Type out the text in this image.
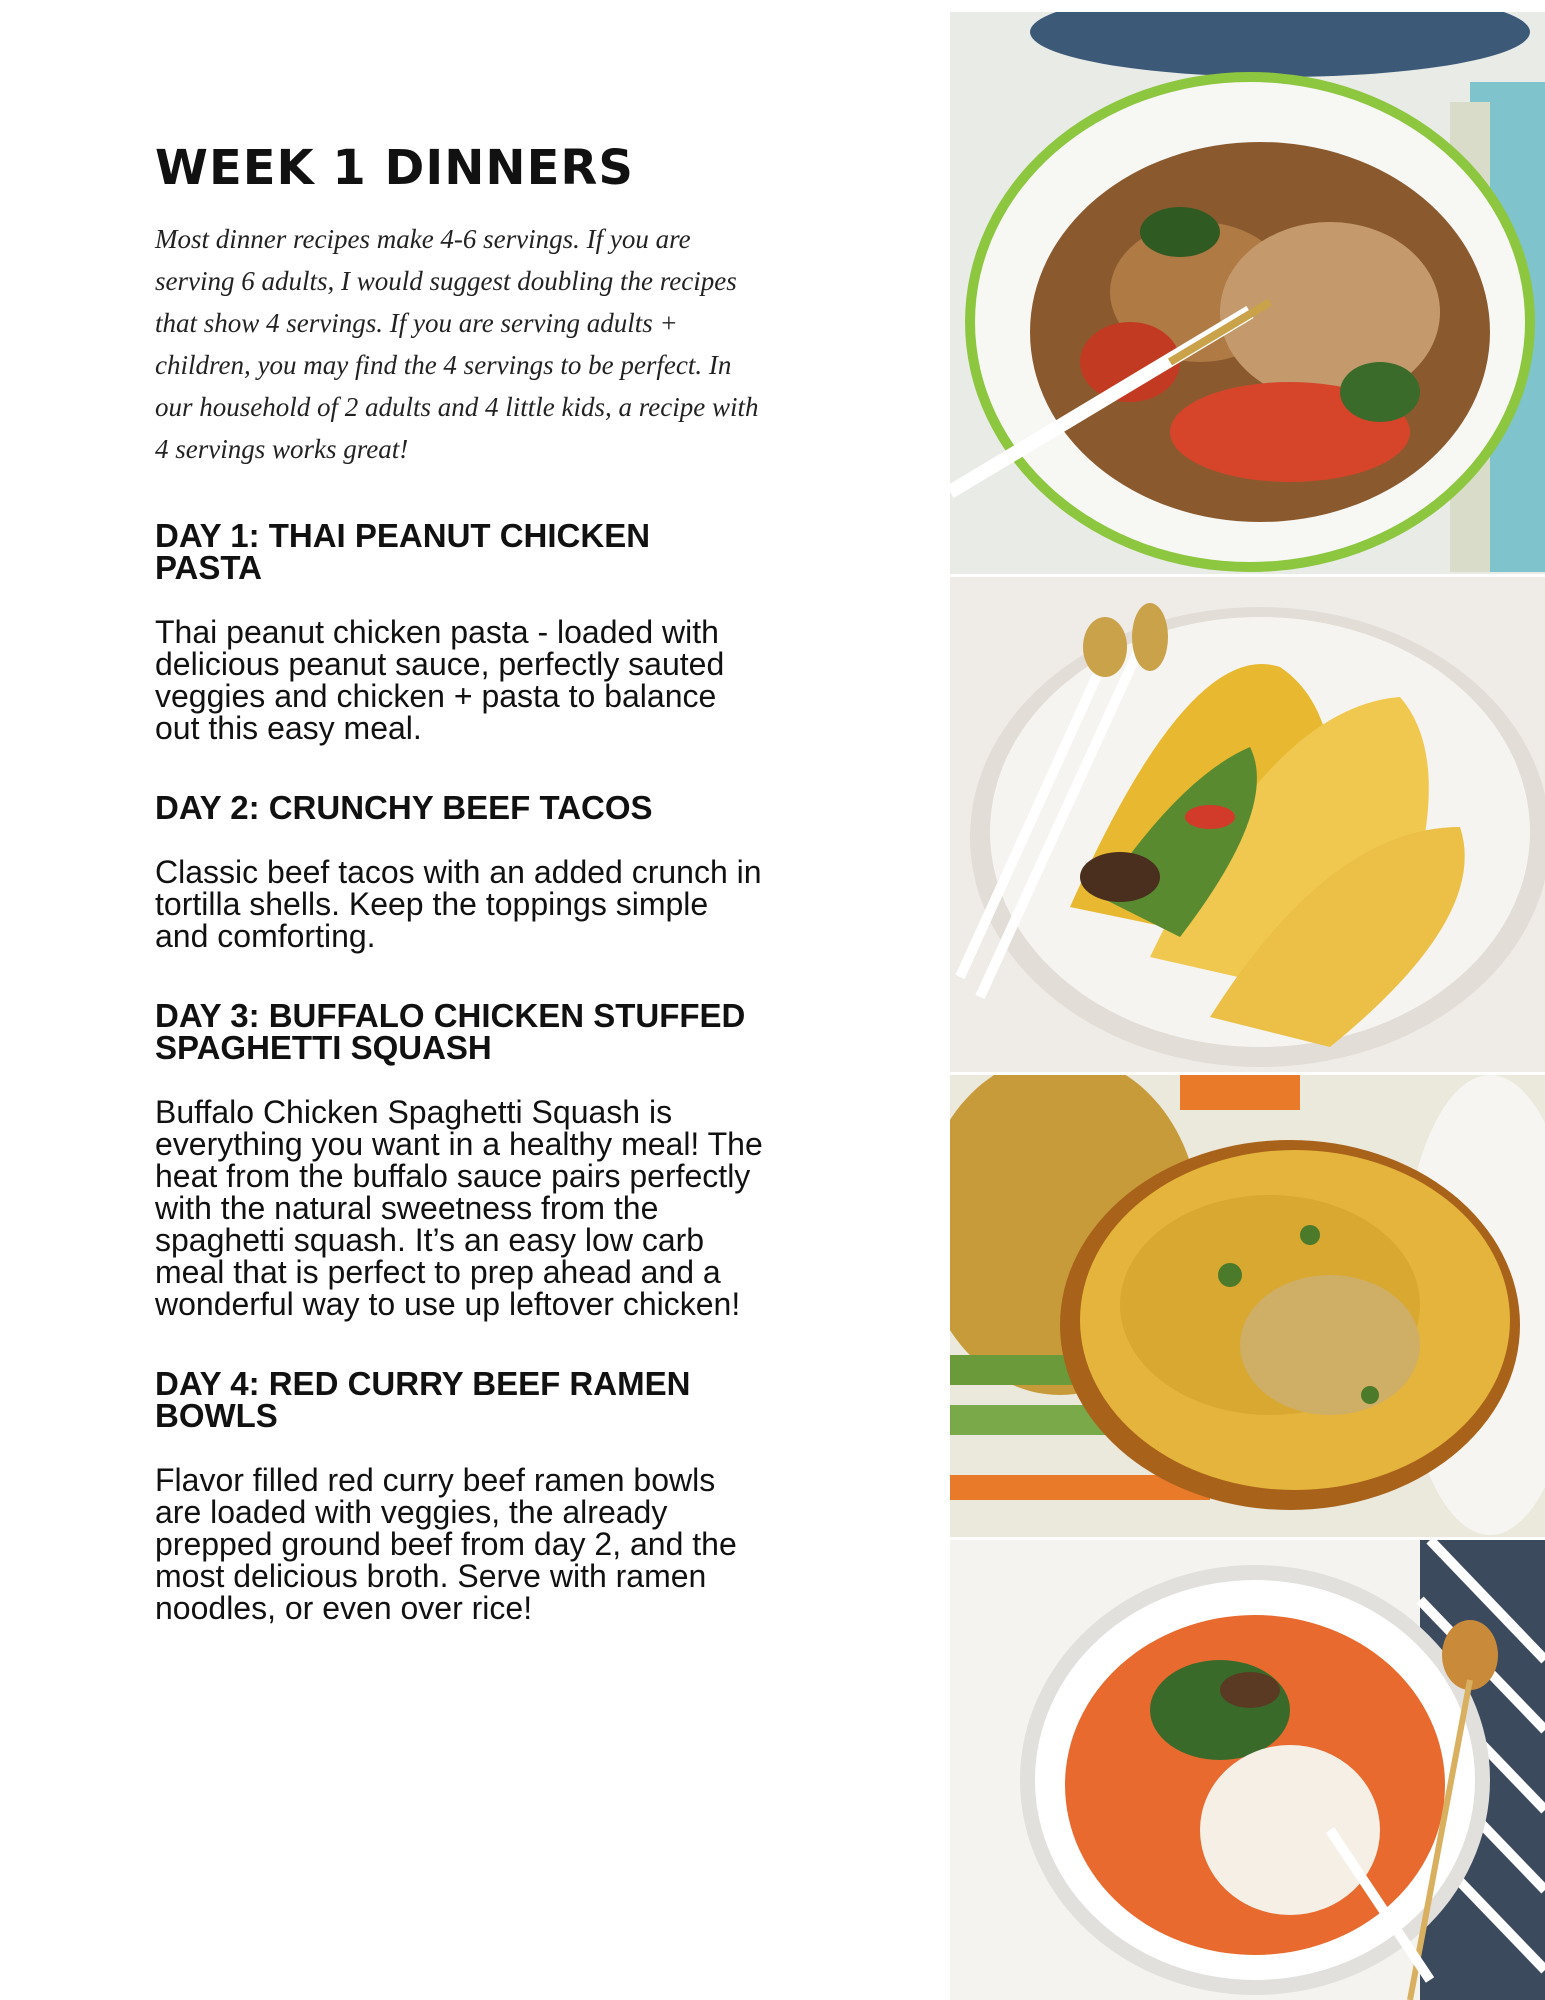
WEEK 1 DINNERS

Most dinner recipes make 4-6 servings. If you are serving 6 adults, I would suggest doubling the recipes that show 4 servings. If you are serving adults + children, you may find the 4 servings to be perfect. In our household of 2 adults and 4 little kids, a recipe with 4 servings works great!

DAY 1: THAI PEANUT CHICKEN PASTA

Thai peanut chicken pasta - loaded with delicious peanut sauce, perfectly sauted veggies and chicken + pasta to balance out this easy meal.

DAY 2: CRUNCHY BEEF TACOS

Classic beef tacos with an added crunch in tortilla shells. Keep the toppings simple and comforting.

DAY 3: BUFFALO CHICKEN STUFFED SPAGHETTI SQUASH

Buffalo Chicken Spaghetti Squash is everything you want in a healthy meal! The heat from the buffalo sauce pairs perfectly with the natural sweetness from the spaghetti squash. It’s an easy low carb meal that is perfect to prep ahead and a wonderful way to use up leftover chicken!

DAY 4: RED CURRY BEEF RAMEN BOWLS

Flavor filled red curry beef ramen bowls are loaded with veggies, the already prepped ground beef from day 2, and the most delicious broth. Serve with ramen noodles, or even over rice!
